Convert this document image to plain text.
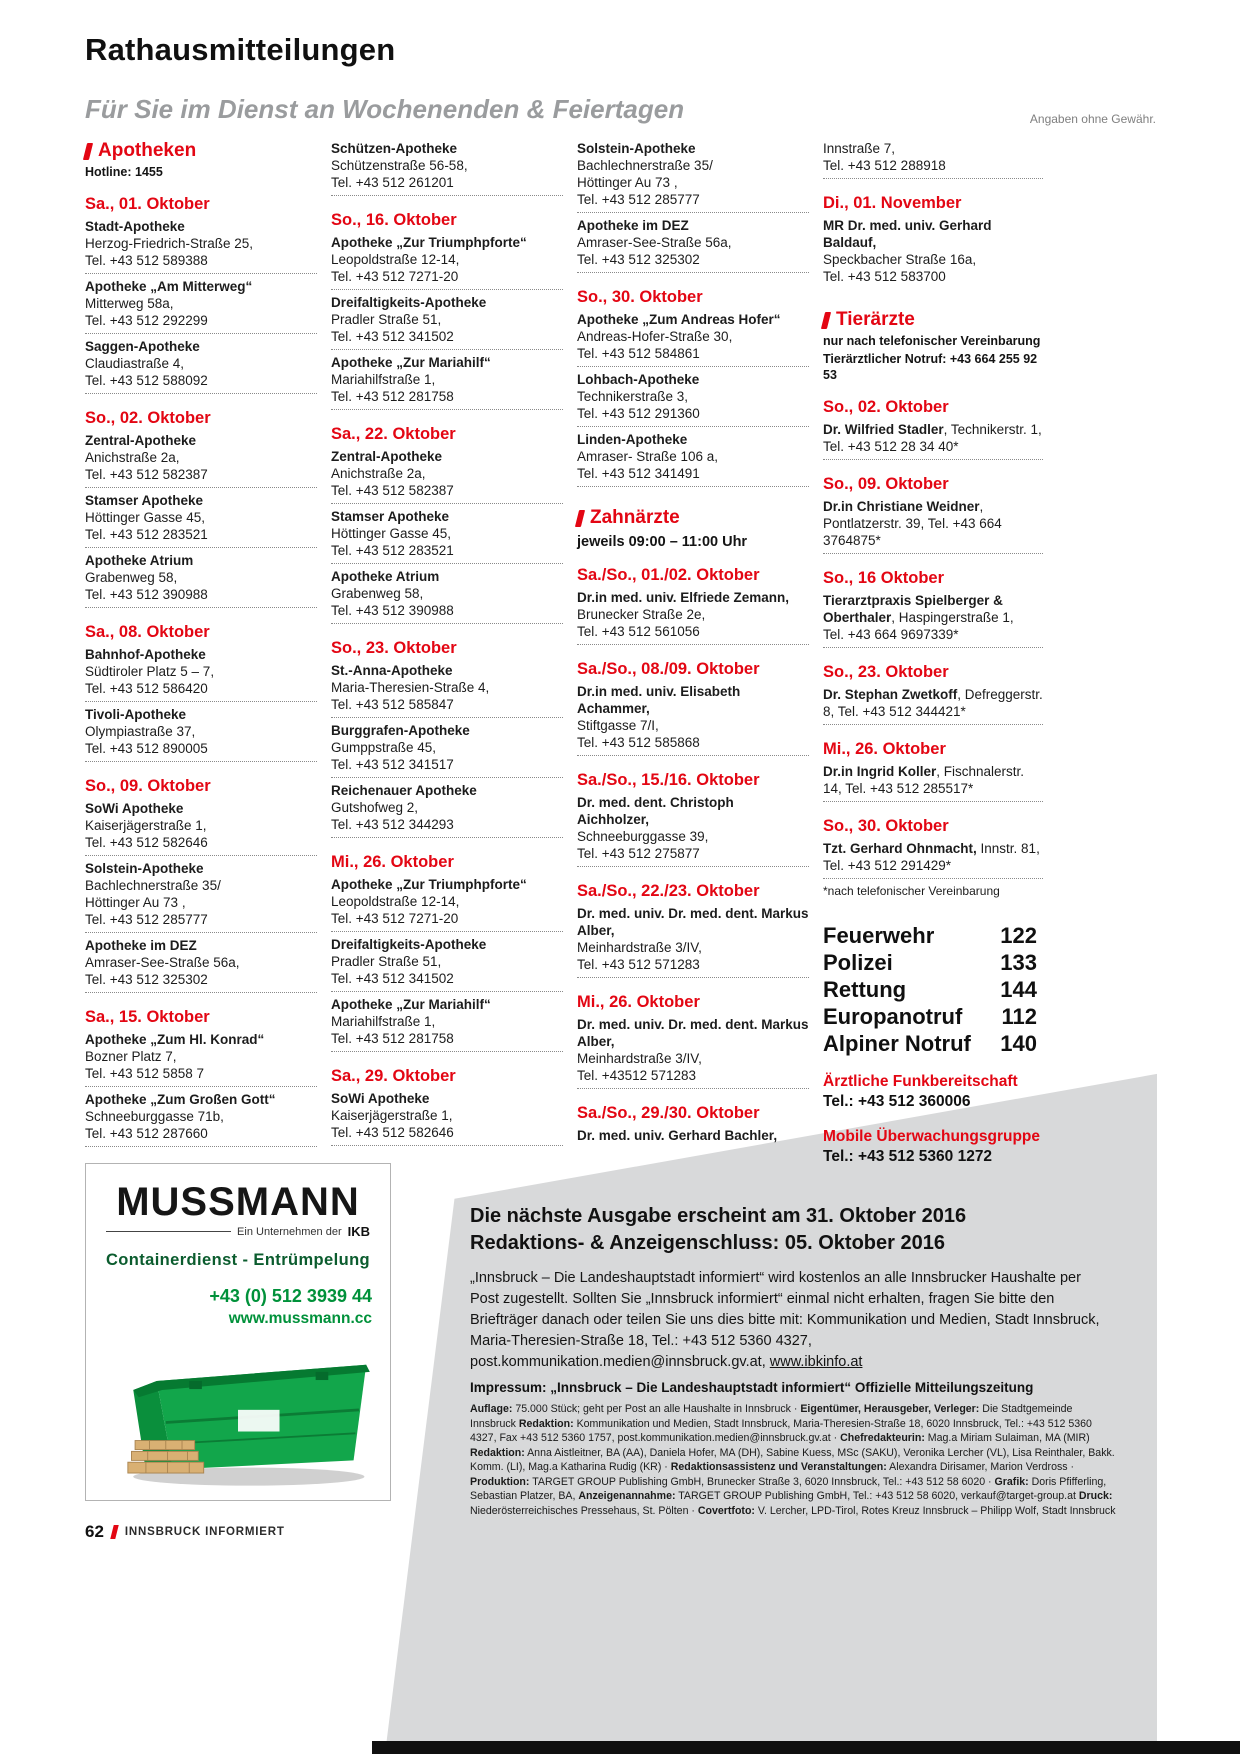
Rathausmitteilungen
Für Sie im Dienst an Wochenenden & Feiertagen	Angaben ohne Gewähr.
Apotheken
Hotline: 1455
Sa., 01. Oktober
Stadt-Apotheke
Herzog-Friedrich-Straße 25,
Tel. +43 512 589388
Apotheke „Am Mitterweg“
Mitterweg 58a,
Tel. +43 512 292299
Saggen-Apotheke
Claudiastraße 4,
Tel. +43 512 588092
So., 02. Oktober
Zentral-Apotheke
Anichstraße 2a,
Tel. +43 512 582387
Stamser Apotheke
Höttinger Gasse 45,
Tel. +43 512 283521
Apotheke Atrium
Grabenweg 58,
Tel. +43 512 390988
Sa., 08. Oktober
Bahnhof-Apotheke
Südtiroler Platz 5 – 7,
Tel. +43 512 586420
Tivoli-Apotheke
Olympiastraße 37,
Tel. +43 512 890005
So., 09. Oktober
SoWi Apotheke
Kaiserjägerstraße 1,
Tel. +43 512 582646
Solstein-Apotheke
Bachlechnerstraße 35/
Höttinger Au 73 ,
Tel. +43 512 285777
Apotheke im DEZ
Amraser-See-Straße 56a,
Tel. +43 512 325302
Sa., 15. Oktober
Apotheke „Zum Hl. Konrad“
Bozner Platz 7,
Tel. +43 512 5858 7
Apotheke „Zum Großen Gott“
Schneeburggasse 71b,
Tel. +43 512 287660
Schützen-Apotheke
Schützenstraße 56-58,
Tel. +43 512 261201
So., 16. Oktober
Apotheke „Zur Triumphpforte“
Leopoldstraße 12-14,
Tel. +43 512 7271-20
Dreifaltigkeits-Apotheke
Pradler Straße 51,
Tel. +43 512 341502
Apotheke „Zur Mariahilf“
Mariahilfstraße 1,
Tel. +43 512 281758
Sa., 22. Oktober
Zentral-Apotheke
Anichstraße 2a,
Tel. +43 512 582387
Stamser Apotheke
Höttinger Gasse 45,
Tel. +43 512 283521
Apotheke Atrium
Grabenweg 58,
Tel. +43 512 390988
So., 23. Oktober
St.-Anna-Apotheke
Maria-Theresien-Straße 4,
Tel. +43 512 585847
Burggrafen-Apotheke
Gumppstraße 45,
Tel. +43 512 341517
Reichenauer Apotheke
Gutshofweg 2,
Tel. +43 512 344293
Mi., 26. Oktober
Apotheke „Zur Triumphpforte“
Leopoldstraße 12-14,
Tel. +43 512 7271-20
Dreifaltigkeits-Apotheke
Pradler Straße 51,
Tel. +43 512 341502
Apotheke „Zur Mariahilf“
Mariahilfstraße 1,
Tel. +43 512 281758
Sa., 29. Oktober
SoWi Apotheke
Kaiserjägerstraße 1,
Tel. +43 512 582646
Solstein-Apotheke
Bachlechnerstraße 35/
Höttinger Au 73 ,
Tel. +43 512 285777
Apotheke im DEZ
Amraser-See-Straße 56a,
Tel. +43 512 325302
So., 30. Oktober
Apotheke „Zum Andreas Hofer“
Andreas-Hofer-Straße 30,
Tel. +43 512 584861
Lohbach-Apotheke
Technikerstraße 3,
Tel. +43 512 291360
Linden-Apotheke
Amraser- Straße 106 a,
Tel. +43 512 341491
Zahnärzte
jeweils 09:00 – 11:00 Uhr
Sa./So., 01./02. Oktober
Dr.in med. univ. Elfriede Zemann,
Brunecker Straße 2e,
Tel. +43 512 561056
Sa./So., 08./09. Oktober
Dr.in med. univ. Elisabeth Achammer,
Stiftgasse 7/I,
Tel. +43 512 585868
Sa./So., 15./16. Oktober
Dr. med. dent. Christoph Aichholzer,
Schneeburggasse 39,
Tel. +43 512 275877
Sa./So., 22./23. Oktober
Dr. med. univ. Dr. med. dent. Markus Alber,
Meinhardstraße 3/IV,
Tel. +43 512 571283
Mi., 26. Oktober
Dr. med. univ. Dr. med. dent. Markus Alber,
Meinhardstraße 3/IV,
Tel. +43512 571283
Sa./So., 29./30. Oktober
Dr. med. univ. Gerhard Bachler,
Innstraße 7,
Tel. +43 512 288918
Di., 01. November
MR Dr. med. univ. Gerhard Baldauf,
Speckbacher Straße 16a,
Tel. +43 512 583700
Tierärzte
nur nach telefonischer Vereinbarung
Tierärztlicher Notruf: +43 664 255 92 53
So., 02. Oktober
Dr. Wilfried Stadler, Technikerstr. 1,
Tel. +43 512 28 34 40*
So., 09. Oktober
Dr.in Christiane Weidner, Pontlatzerstr. 39, Tel. +43 664 3764875*
So., 16 Oktober
Tierarztpraxis Spielberger & Oberthaler, Haspingerstraße 1,
Tel. +43 664 9697339*
So., 23. Oktober
Dr. Stephan Zwetkoff, Defreggerstr. 8, Tel. +43 512 344421*
Mi., 26. Oktober
Dr.in Ingrid Koller, Fischnalerstr. 14, Tel. +43 512 285517*
So., 30. Oktober
Tzt. Gerhard Ohnmacht, Innstr. 81, Tel. +43 512 291429*
*nach telefonischer Vereinbarung
Feuerwehr	122
Polizei	133
Rettung	144
Europanotruf 112
Alpiner Notruf 140
Ärztliche Funkbereitschaft
Tel.: +43 512 360006
Mobile Überwachungsgruppe
Tel.: +43 512 5360 1272
Die nächste Ausgabe erscheint am 31. Oktober 2016
Redaktions- & Anzeigenschluss: 05. Oktober 2016
„Innsbruck – Die Landeshauptstadt informiert“ wird kostenlos an alle Innsbrucker Haushalte per Post zugestellt. Sollten Sie „Innsbruck informiert“ einmal nicht erhalten, fragen Sie bitte den Briefträger danach oder teilen Sie uns dies bitte mit: Kommunikation und Medien, Stadt Innsbruck, Maria-Theresien-Straße 18, Tel.: +43 512 5360 4327, post.kommunikation.medien@innsbruck.gv.at, www.ibkinfo.at
Impressum: „Innsbruck – Die Landeshauptstadt informiert“ Offizielle Mitteilungszeitung
Auflage: 75.000 Stück; geht per Post an alle Haushalte in Innsbruck · Eigentümer, Herausgeber, Verleger: Die Stadtgemeinde Innsbruck Redaktion: Kommunikation und Medien, Stadt Innsbruck, Maria-Theresien-Straße 18, 6020 Innsbruck, Tel.: +43 512 5360 4327, Fax +43 512 5360 1757, post.kommunikation.medien@innsbruck.gv.at · Chefredakteurin: Mag.a Miriam Sulaiman, MA (MIR) Redaktion: Anna Aistleitner, BA (AA), Daniela Hofer, MA (DH), Sabine Kuess, MSc (SAKU), Veronika Lercher (VL), Lisa Reinthaler, Bakk. Komm. (LI), Mag.a Katharina Rudig (KR) · Redaktionsassistenz und Veranstaltungen: Alexandra Dirisamer, Marion Verdross · Produktion: TARGET GROUP Publishing GmbH, Brunecker Straße 3, 6020 Innsbruck, Tel.: +43 512 58 6020 · Grafik: Doris Pfifferling, Sebastian Platzer, BA, Anzeigenannahme: TARGET GROUP Publishing GmbH, Tel.: +43 512 58 6020, verkauf@target-group.at Druck: Niederösterreichisches Pressehaus, St. Pölten · Covertfoto: V. Lercher, LPD-Tirol, Rotes Kreuz Innsbruck – Philipp Wolf, Stadt Innsbruck
MUSSMANN
Ein Unternehmen der IKB
Containerdienst - Entrümpelung
+43 (0) 512 3939 44
www.mussmann.cc
62 INNSBRUCK INFORMIERT
